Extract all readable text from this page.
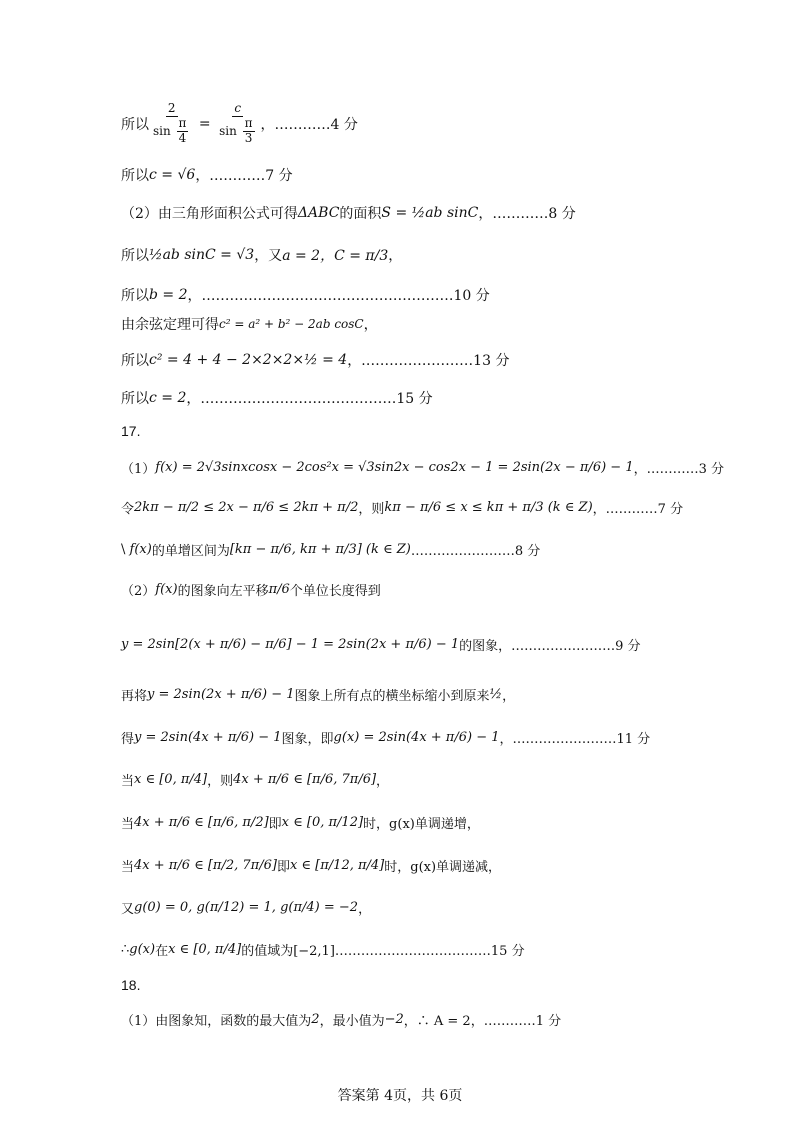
所以 $\frac{2}{\sin \frac{\pi}{4}} = \frac{c}{\sin \frac{\pi}{3}}$ ，…………4 分
所以 c = √6 ，…………7 分
（2）由三角形面积公式可得 ΔABC 的面积 S = ½ab sinC ，…………8 分
所以 ½ab sinC = √3 ，又 a = 2，C = π/3 ，
所以 b = 2 ，………………………………………………10 分
由余弦定理可得 c² = a² + b² − 2ab cosC ，
所以 c² = 4 + 4 − 2×2×2×½ = 4 ，……………………13 分
所以 c = 2 ，……………………………………15 分
17.
（1） f(x) = 2√3sinxcosx − 2cos²x = √3sin2x − cos2x − 1 = 2sin(2x − π/6) − 1 ，…………3 分
令 2kπ − π/2 ≤ 2x − π/6 ≤ 2kπ + π/2 ，则 kπ − π/6 ≤ x ≤ kπ + π/3 (k ∈ Z) ，…………7 分
\
f(x) 的单增区间为 [kπ − π/6, kπ + π/3] (k ∈ Z) ……………………8 分
（2） f(x) 的图象向左平移 π/6 个单位长度得到
y = 2sin[2(x + π/6) − π/6] − 1 = 2sin(2x + π/6) − 1 的图象，……………………9 分
再将 y = 2sin(2x + π/6) − 1 图象上所有点的横坐标缩小到原来 ½ ，
得 y = 2sin(4x + π/6) − 1 图象，即 g(x) = 2sin(4x + π/6) − 1 ，……………………11 分
当 x ∈ [0, π/4] ，则 4x + π/6 ∈ [π/6, 7π/6] ，
当 4x + π/6 ∈ [π/6, π/2] 即 x ∈ [0, π/12] 时，g(x)单调递增，
当 4x + π/6 ∈ [π/2, 7π/6] 即 x ∈ [π/12, π/4] 时，g(x)单调递减，
又 g(0) = 0, g(π/12) = 1, g(π/4) = −2 ，
∴ g(x) 在 x ∈ [0, π/4] 的值域为[−2,1]………………………………15 分
18.
（1）由图象知，函数的最大值为 2 ，最小值为 −2 ，∴ A = 2，…………1 分
答案第 4页，共 6页
